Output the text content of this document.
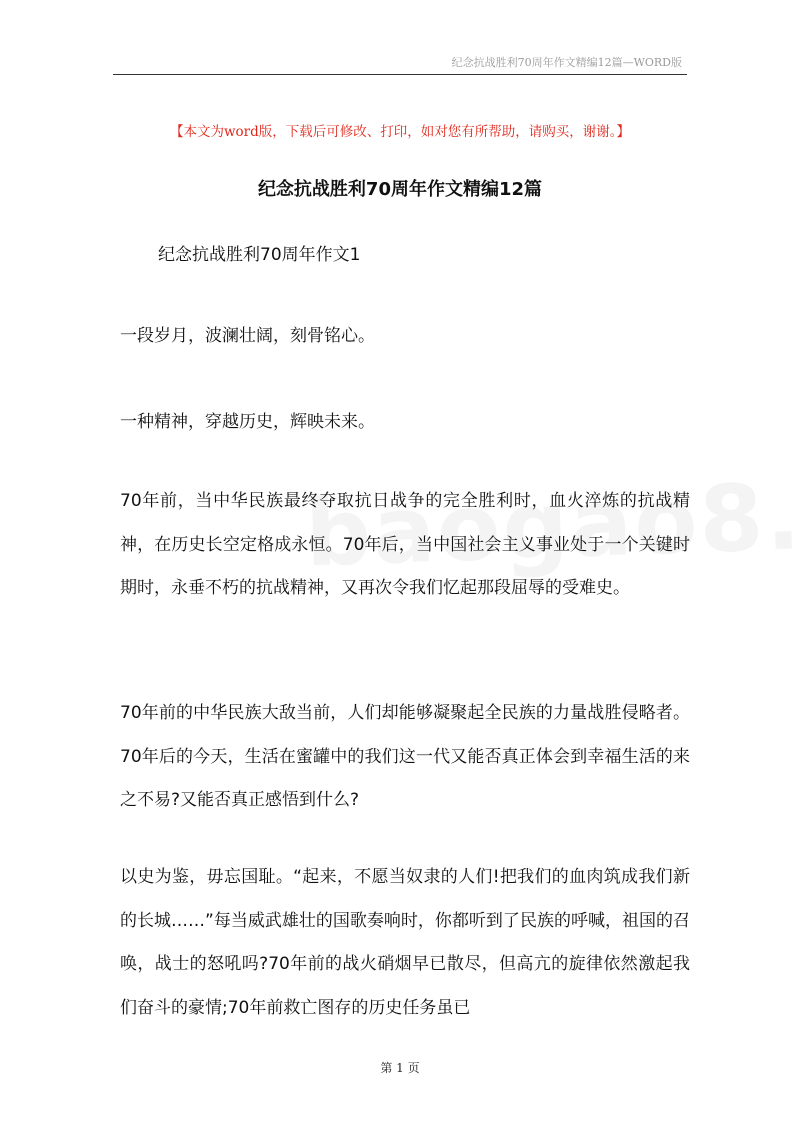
纪念抗战胜利70周年作文精编12篇—WORD版
【本文为word版，下载后可修改、打印，如对您有所帮助，请购买，谢谢。】
纪念抗战胜利70周年作文精编12篇
纪念抗战胜利70周年作文1

一段岁月，波澜壮阔，刻骨铭心。

一种精神，穿越历史，辉映未来。

70年前，当中华民族最终夺取抗日战争的完全胜利时，血火淬炼的抗战精神，在历史长空定格成永恒。70年后，当中国社会主义事业处于一个关键时期时，永垂不朽的抗战精神，又再次令我们忆起那段屈辱的受难史。

70年前的中华民族大敌当前，人们却能够凝聚起全民族的力量战胜侵略者。70年后的今天，生活在蜜罐中的我们这一代又能否真正体会到幸福生活的来之不易?又能否真正感悟到什么?

以史为鉴，毋忘国耻。“起来，不愿当奴隶的人们!把我们的血肉筑成我们新的长城……”每当威武雄壮的国歌奏响时，你都听到了民族的呼喊，祖国的召唤，战士的怒吼吗?70年前的战火硝烟早已散尽，但高亢的旋律依然激起我们奋斗的豪情;70年前救亡图存的历史任务虽已

第 1 页
